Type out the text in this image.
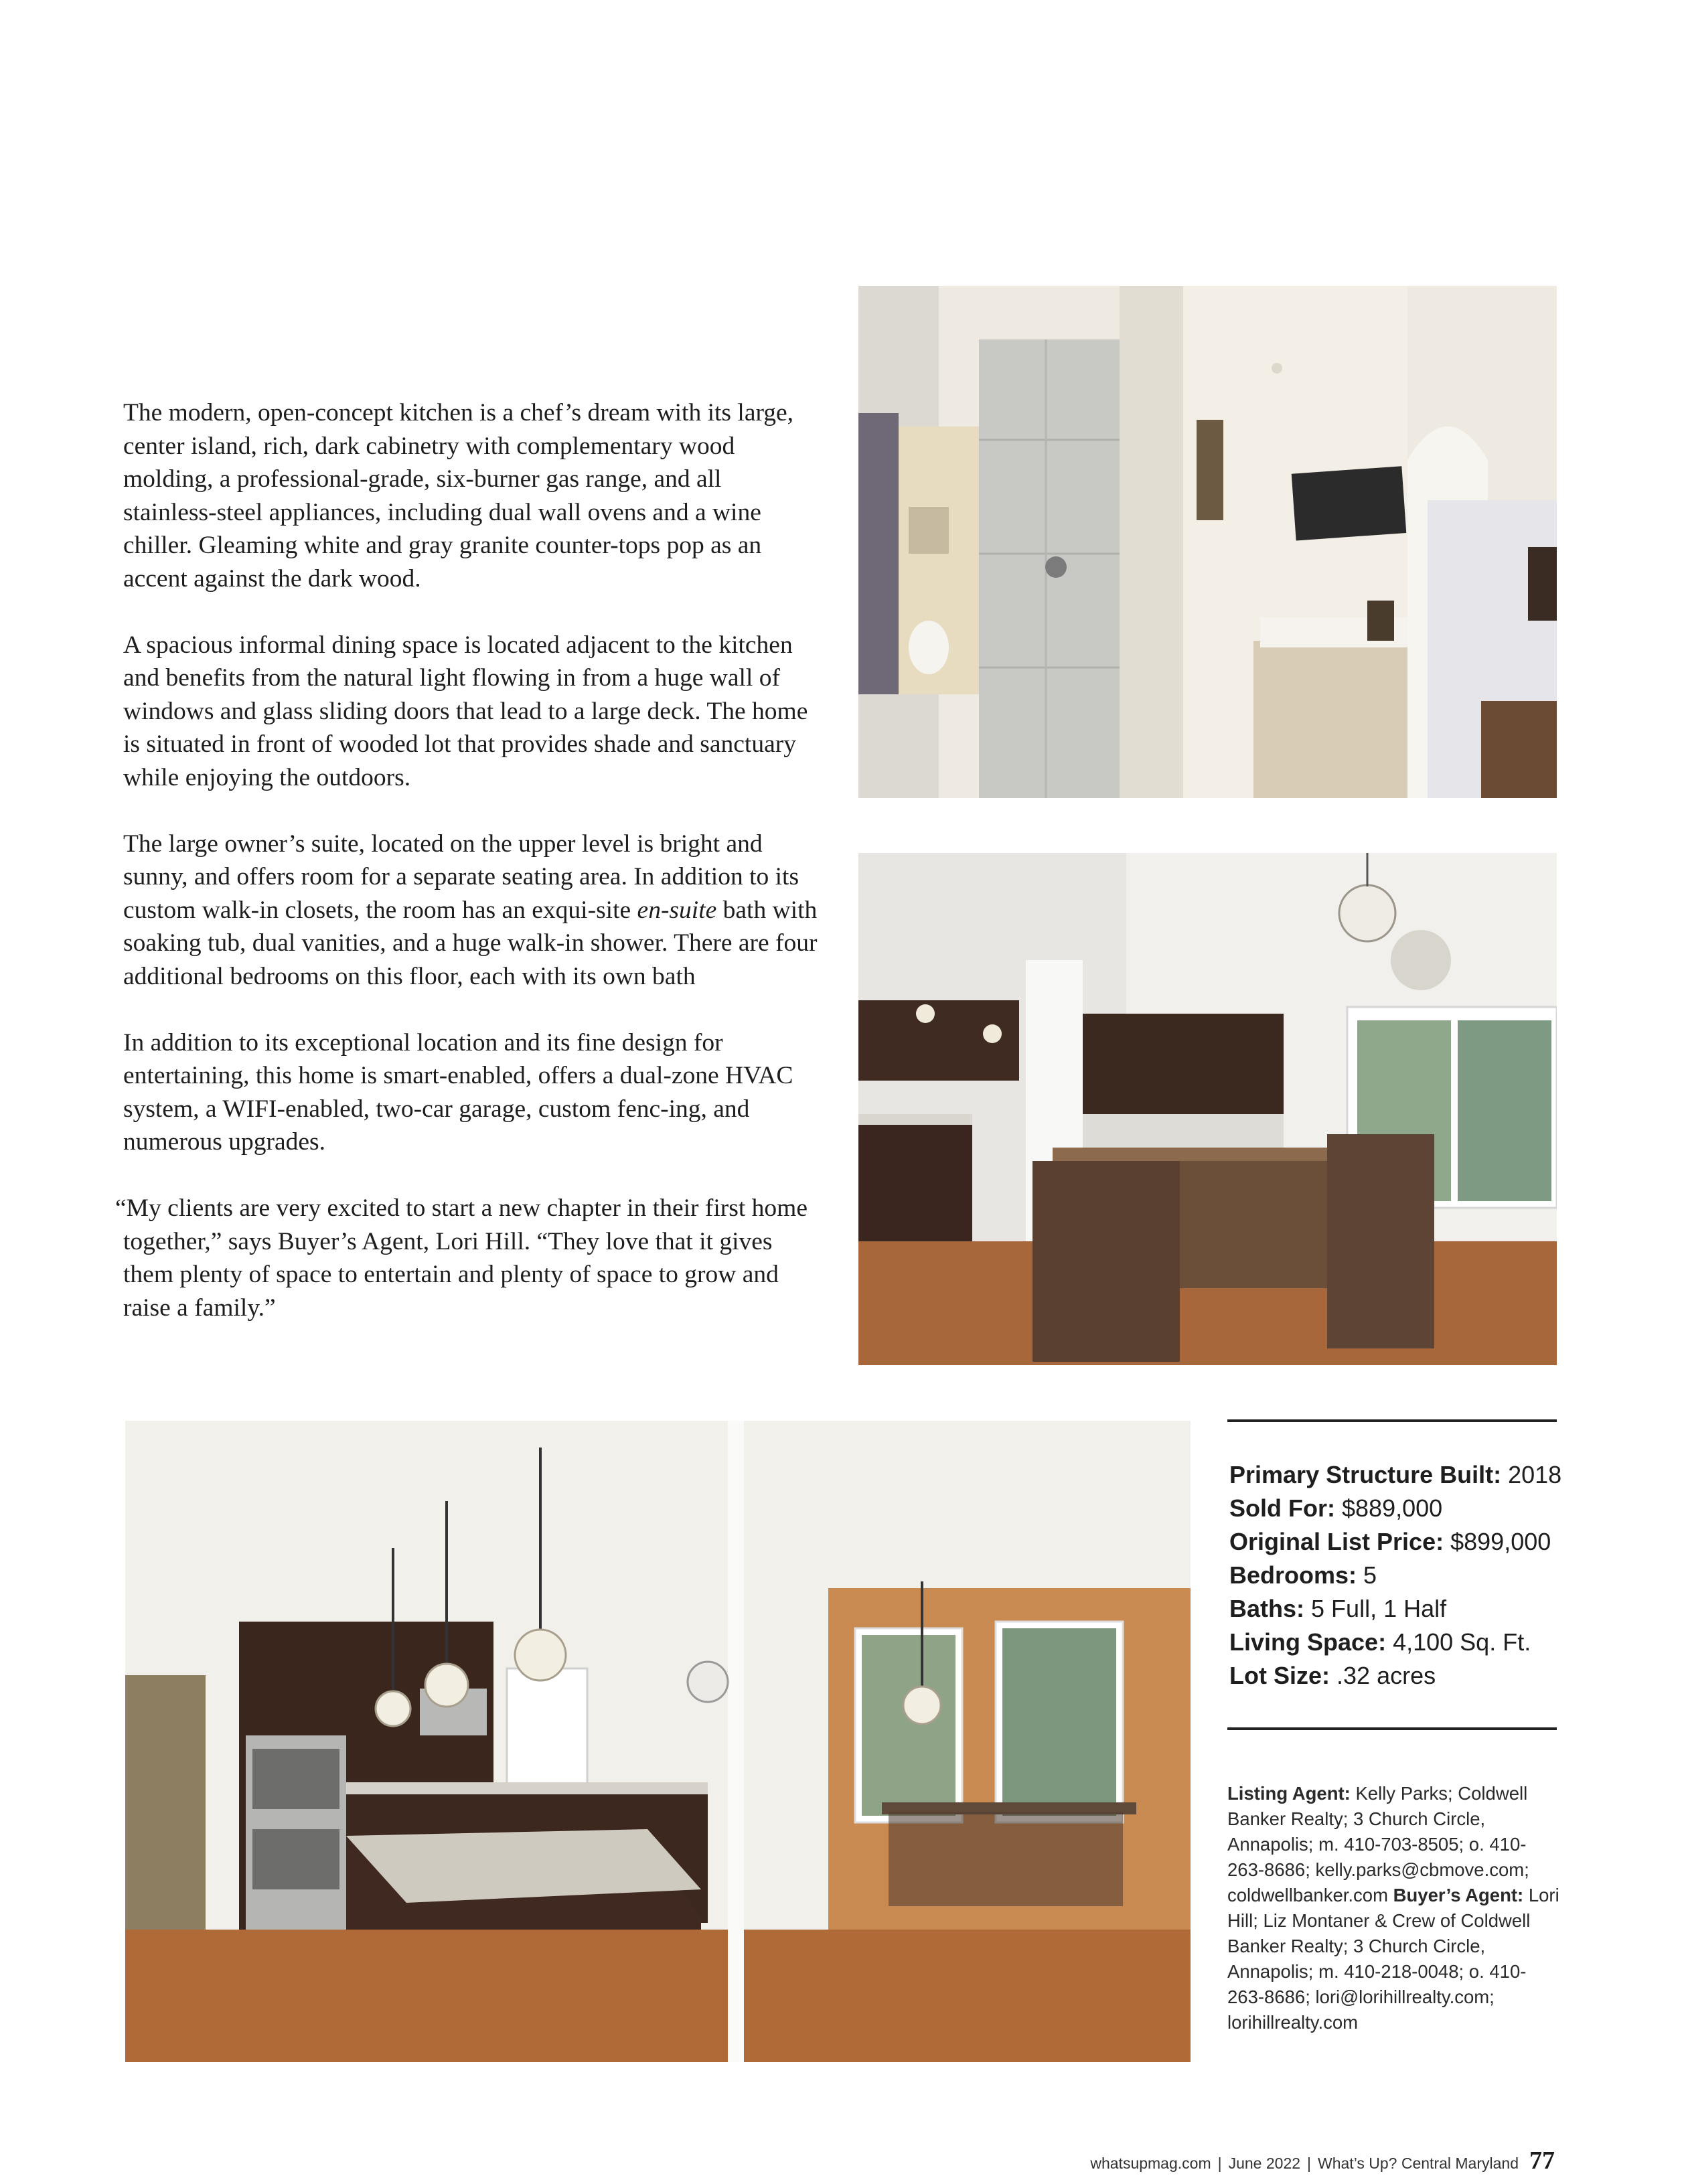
The modern, open-concept kitchen is a chef’s dream with its large, center island, rich, dark cabinetry with complementary wood molding, a professional-grade, six-burner gas range, and all stainless-steel appliances, including dual wall ovens and a wine chiller. Gleaming white and gray granite counter-tops pop as an accent against the dark wood.

A spacious informal dining space is located adjacent to the kitchen and benefits from the natural light flowing in from a huge wall of windows and glass sliding doors that lead to a large deck. The home is situated in front of wooded lot that provides shade and sanctuary while enjoying the outdoors.

The large owner’s suite, located on the upper level is bright and sunny, and offers room for a separate seating area. In addition to its custom walk-in closets, the room has an exqui-site en-suite bath with soaking tub, dual vanities, and a huge walk-in shower. There are four additional bedrooms on this floor, each with its own bath

In addition to its exceptional location and its fine design for entertaining, this home is smart-enabled, offers a dual-zone HVAC system, a WIFI-enabled, two-car garage, custom fenc-ing, and numerous upgrades.

“My clients are very excited to start a new chapter in their first home together,” says Buyer’s Agent, Lori Hill. “They love that it gives them plenty of space to entertain and plenty of space to grow and raise a family.”

Primary Structure Built: 2018
Sold For: $889,000
Original List Price: $899,000
Bedrooms: 5
Baths: 5 Full, 1 Half
Living Space: 4,100 Sq. Ft.
Lot Size: .32 acres
Listing Agent: Kelly Parks; Coldwell Banker Realty; 3 Church Circle, Annapolis; m. 410-703-8505; o. 410-263-8686; kelly.parks@cbmove.com; coldwellbanker.com Buyer’s Agent: Lori Hill; Liz Montaner & Crew of Coldwell Banker Realty; 3 Church Circle, Annapolis; m. 410-218-0048; o. 410-263-8686; lori@lorihillrealty.com; lorihillrealty.com
whatsupmag.com | June 2022 | What’s Up? Central Maryland 77
